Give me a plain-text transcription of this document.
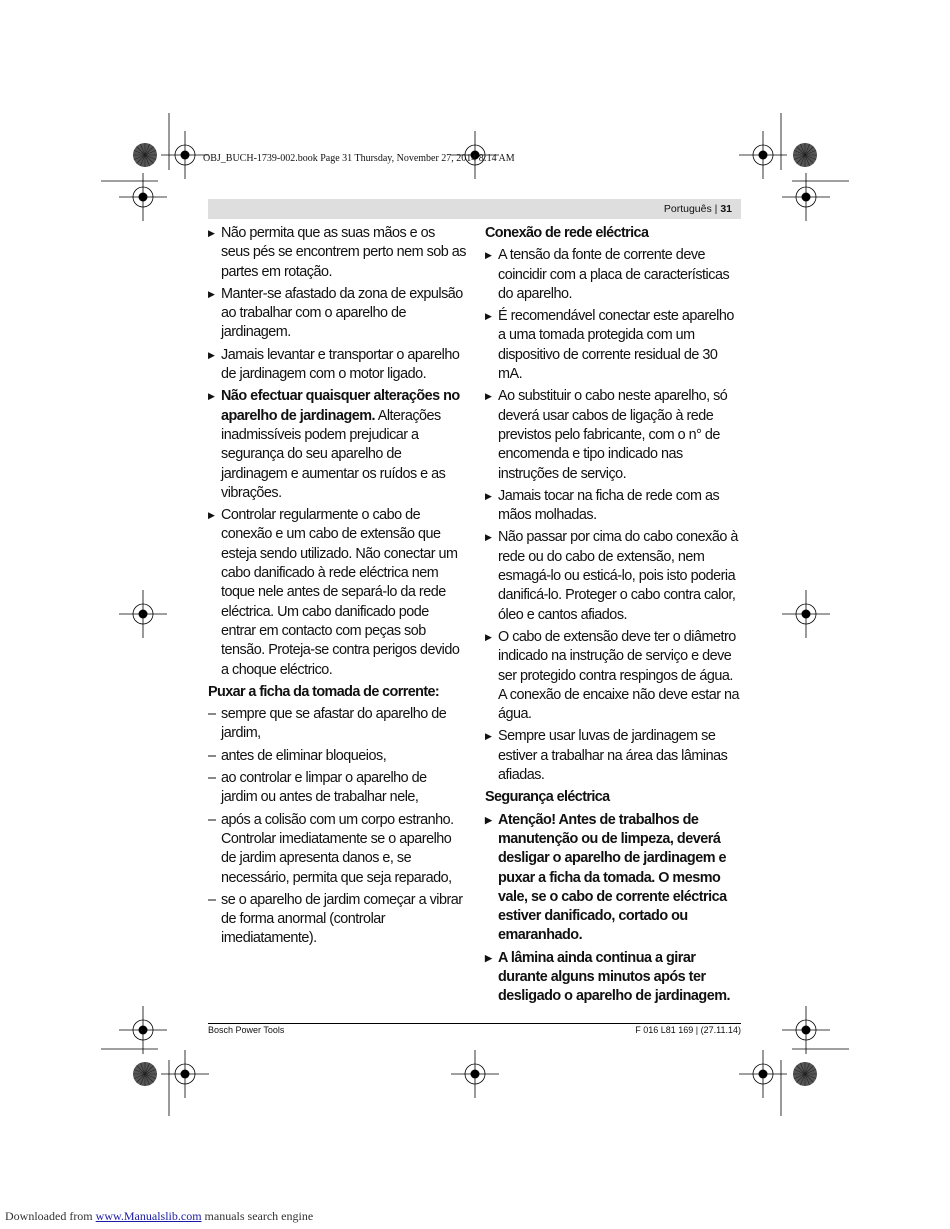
OBJ_BUCH-1739-002.book Page 31 Thursday, November 27, 2014 8:14 AM
Português | 31
▶ Não permita que as suas mãos e os seus pés se encontrem perto nem sob as partes em rotação.
▶ Manter-se afastado da zona de expulsão ao trabalhar com o aparelho de jardinagem.
▶ Jamais levantar e transportar o aparelho de jardinagem com o motor ligado.
▶ Não efectuar quaisquer alterações no aparelho de jardinagem. Alterações inadmissíveis podem prejudicar a segurança do seu aparelho de jardinagem e aumentar os ruídos e as vibrações.
▶ Controlar regularmente o cabo de conexão e um cabo de extensão que esteja sendo utilizado. Não conectar um cabo danificado à rede eléctrica nem toque nele antes de separá-lo da rede eléctrica. Um cabo danificado pode entrar em contacto com peças sob tensão. Proteja-se contra perigos devido a choque eléctrico.
Puxar a ficha da tomada de corrente:
– sempre que se afastar do aparelho de jardim,
– antes de eliminar bloqueios,
– ao controlar e limpar o aparelho de jardim ou antes de trabalhar nele,
– após a colisão com um corpo estranho. Controlar imediatamente se o aparelho de jardim apresenta danos e, se necessário, permita que seja reparado,
– se o aparelho de jardim começar a vibrar de forma anormal (controlar imediatamente).
Conexão de rede eléctrica
▶ A tensão da fonte de corrente deve coincidir com a placa de características do aparelho.
▶ É recomendável conectar este aparelho a uma tomada protegida com um dispositivo de corrente residual de 30 mA.
▶ Ao substituir o cabo neste aparelho, só deverá usar cabos de ligação à rede previstos pelo fabricante, com o n° de encomenda e tipo indicado nas instruções de serviço.
▶ Jamais tocar na ficha de rede com as mãos molhadas.
▶ Não passar por cima do cabo conexão à rede ou do cabo de extensão, nem esmagá-lo ou esticá-lo, pois isto poderia danificá-lo. Proteger o cabo contra calor, óleo e cantos afiados.
▶ O cabo de extensão deve ter o diâmetro indicado na instrução de serviço e deve ser protegido contra respingos de água. A conexão de encaixe não deve estar na água.
▶ Sempre usar luvas de jardinagem se estiver a trabalhar na área das lâminas afiadas.
Segurança eléctrica
▶ Atenção! Antes de trabalhos de manutenção ou de limpeza, deverá desligar o aparelho de jardinagem e puxar a ficha da tomada. O mesmo vale, se o cabo de corrente eléctrica estiver danificado, cortado ou emaranhado.
▶ A lâmina ainda continua a girar durante alguns minutos após ter desligado o aparelho de jardinagem.
Bosch Power Tools	F 016 L81 169 | (27.11.14)
Downloaded from www.Manualslib.com manuals search engine
